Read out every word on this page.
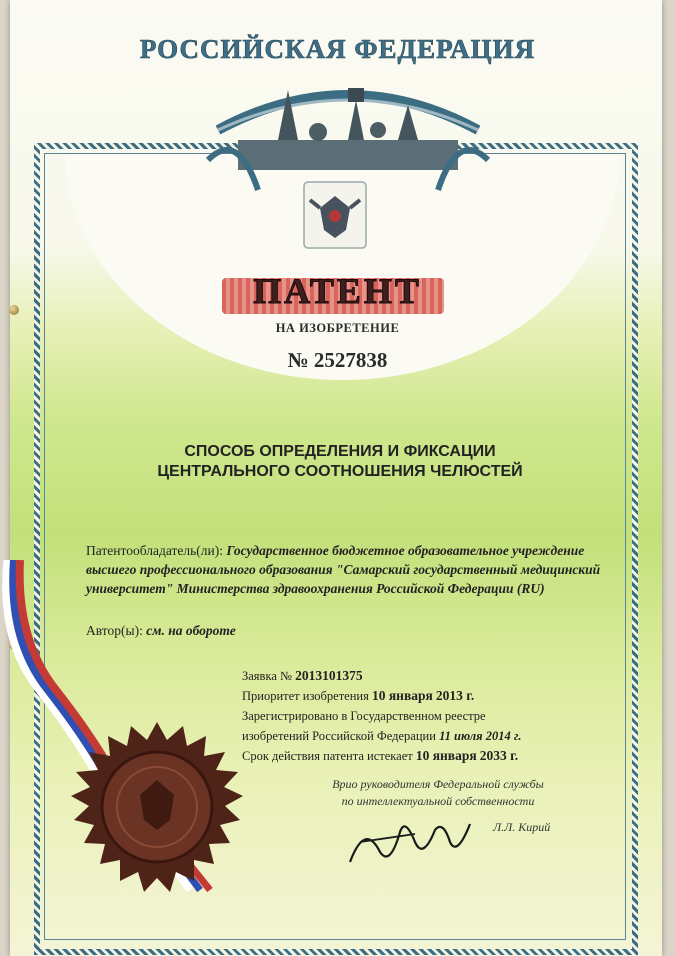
РОССИЙСКАЯ ФЕДЕРАЦИЯ
ПАТЕНТ
НА ИЗОБРЕТЕНИЕ
№ 2527838
СПОСОБ ОПРЕДЕЛЕНИЯ И ФИКСАЦИИ
ЦЕНТРАЛЬНОГО СООТНОШЕНИЯ ЧЕЛЮСТЕЙ
Патентообладатель(ли): Государственное бюджетное образовательное учреждение высшего профессионального образования "Самарский государственный медицинский университет" Министерства здравоохранения Российской Федерации (RU)
Автор(ы): см. на обороте
Заявка № 2013101375
Приоритет изобретения 10 января 2013 г.
Зарегистрировано в Государственном реестре
изобретений Российской Федерации 11 июля 2014 г.
Срок действия патента истекает 10 января 2033 г.
Врио руководителя Федеральной службы
по интеллектуальной собственности
Л.Л. Кирий
